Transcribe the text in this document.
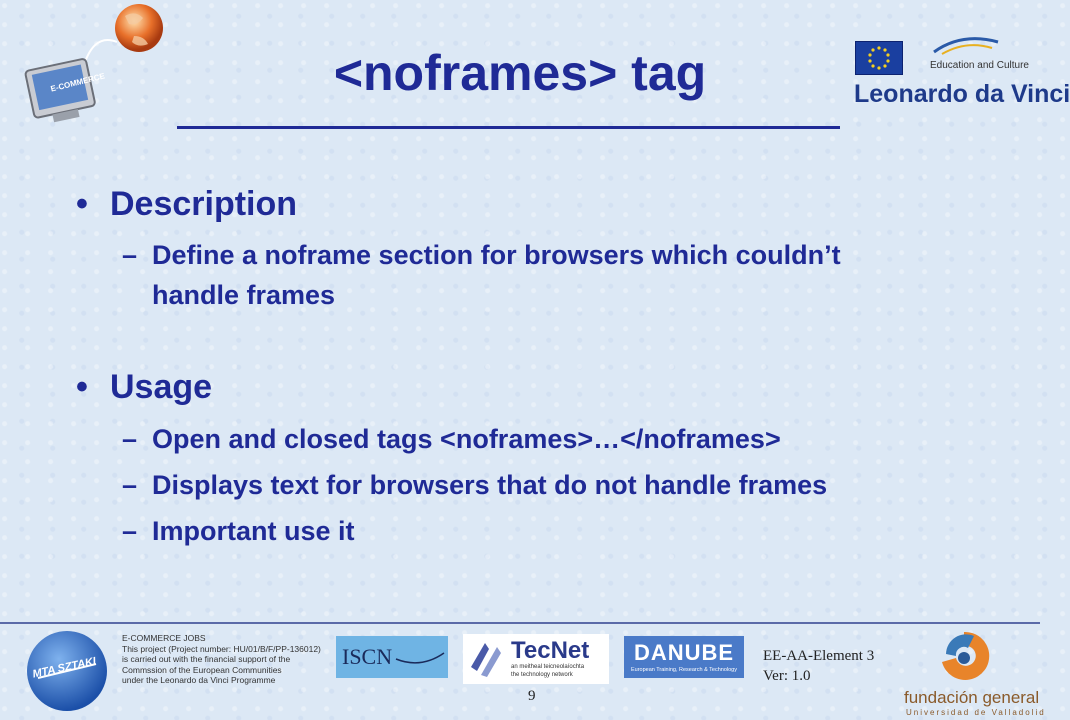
E-COMMERCE
Education and Culture
Leonardo da Vinci
<noframes> tag
• Description
– Define a noframe section for browsers which couldn’t handle frames
• Usage
– Open and closed tags <noframes>…</noframes>
– Displays text for browsers that do not handle frames
– Important use it
MTA SZTAKI
E-COMMERCE JOBS
This project (Project number: HU/01/B/F/PP-136012)
is carried out with the financial support of the
Commssion of the European Communities
under the Leonardo da Vinci Programme
ISCN	TecNet
an meitheal teicneolaíochta
the technology network
DANUBE
European Training, Research & Technology
9
EE-AA-Element 3
Ver: 1.0
fundación general
Universidad de Valladolid
